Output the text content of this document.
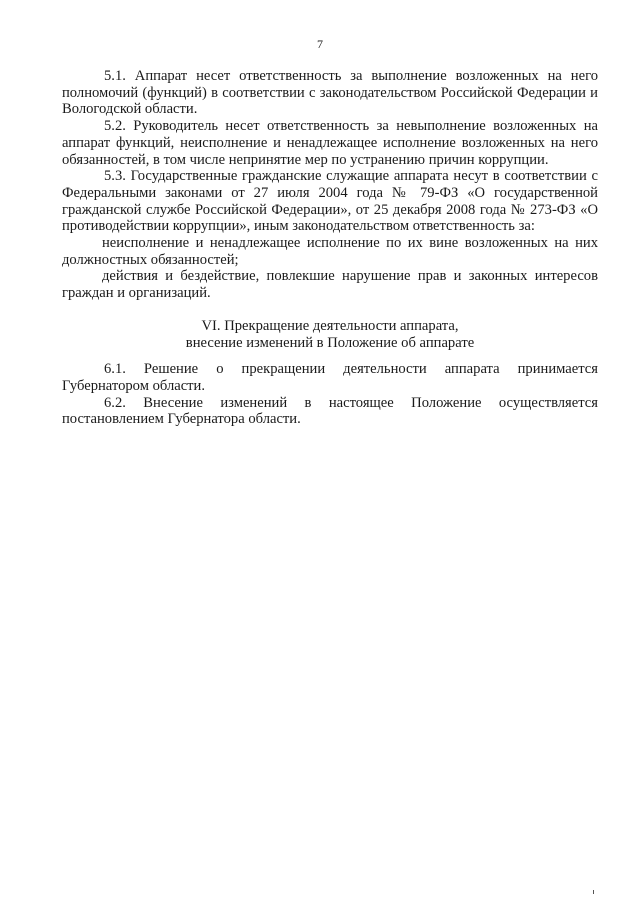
7

5.1. Аппарат несет ответственность за выполнение возложенных на него полномочий (функций) в соответствии с законодательством Российской Федерации и Вологодской области.

5.2. Руководитель несет ответственность за невыполнение возложенных на аппарат функций, неисполнение и ненадлежащее исполнение возложенных на него обязанностей, в том числе непринятие мер по устранению причин коррупции.

5.3. Государственные гражданские служащие аппарата несут в соответствии с Федеральными законами от 27 июля 2004 года № 79-ФЗ «О государственной гражданской службе Российской Федерации», от 25 декабря 2008 года № 273-ФЗ «О противодействии коррупции», иным законодательством ответственность за:

неисполнение и ненадлежащее исполнение по их вине возложенных на них должностных обязанностей;

действия и бездействие, повлекшие нарушение прав и законных интересов граждан и организаций.

VI. Прекращение деятельности аппарата,
внесение изменений в Положение об аппарате

6.1. Решение о прекращении деятельности аппарата принимается Губернатором области.

6.2. Внесение изменений в настоящее Положение осуществляется постановлением Губернатора области.
